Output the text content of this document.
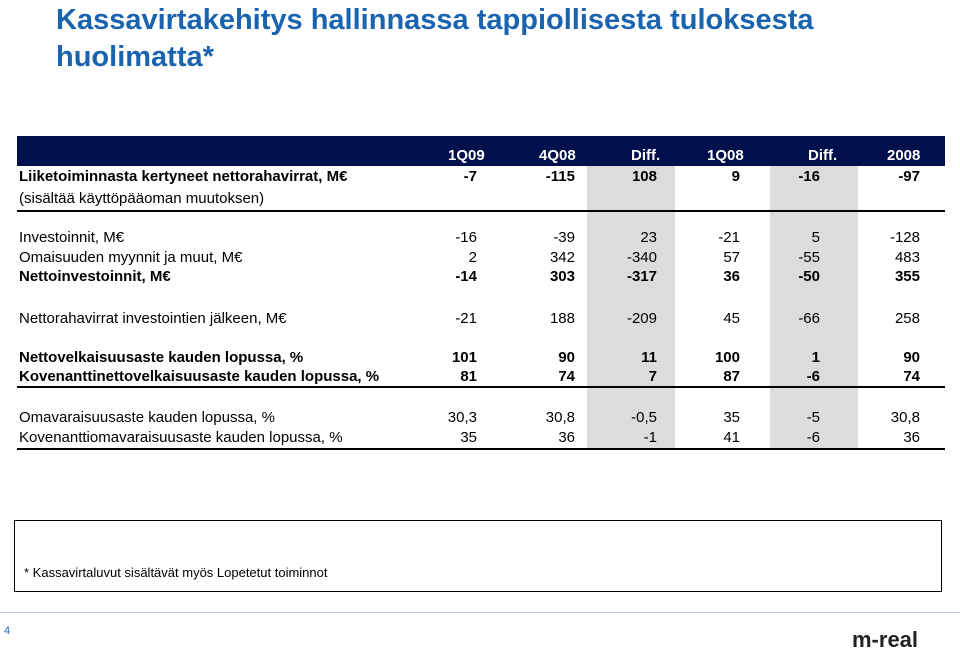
Kassavirtakehitys hallinnassa tappiollisesta tuloksesta huolimatta*
1Q09	4Q08	Diff.	1Q08	Diff.	2008
Liiketoiminnasta kertyneet nettorahavirrat, M€	-7	-115	108	9	-16	-97
(sisältää käyttöpääoman muutoksen)
Investoinnit, M€	-16	-39	23	-21	5	-128
Omaisuuden myynnit ja muut, M€	2	342	-340	57	-55	483
Nettoinvestoinnit, M€	-14	303	-317	36	-50	355
Nettorahavirrat investointien jälkeen, M€	-21	188	-209	45	-66	258
Nettovelkaisuusaste kauden lopussa, %	101	90	11	100	1	90
Kovenanttinettovelkaisuusaste kauden lopussa, %	81	74	7	87	-6	74
Omavaraisuusaste kauden lopussa, %	30,3	30,8	-0,5	35	-5	30,8
Kovenanttiomavaraisuusaste kauden lopussa, %	35	36	-1	41	-6	36
* Kassavirtaluvut sisältävät myös Lopetetut toiminnot
4	m-real
